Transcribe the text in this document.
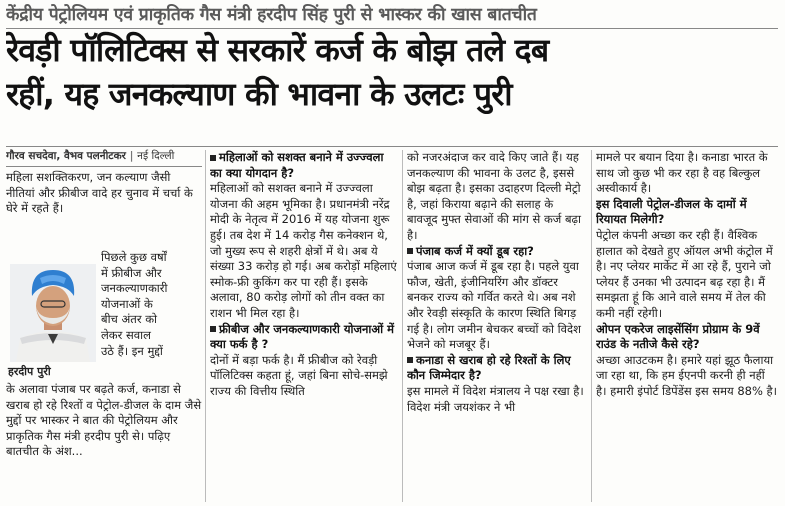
केंद्रीय पेट्रोलियम एवं प्राकृतिक गैस मंत्री हरदीप सिंह पुरी से भास्कर की खास बातचीत
रेवड़ी पॉलिटिक्स से सरकारें कर्ज के बोझ तले दब
रहीं, यह जनकल्याण की भावना के उलटः पुरी
गौरव सचदेवा, वैभव पलनीटकर | नई दिल्ली

महिला सशक्तिकरण, जन कल्याण जैसी नीतियां और फ्रीबीज वादे हर चुनाव में चर्चा के घेरे में रहते हैं।

पिछले कुछ वर्षों

में फ्रीबीज और

जनकल्याणकारी

योजनाओं के

बीच अंतर को

लेकर सवाल

उठे हैं। इन मुद्दों

हरदीप पुरी

के अलावा पंजाब पर बढ़ते कर्ज, कनाडा से खराब हो रहे रिश्तों व पेट्रोल-डीजल के दाम जैसे मुद्दों पर भास्कर ने बात की पेट्रोलियम और प्राकृतिक गैस मंत्री हरदीप पुरी से। पढ़िए बातचीत के अंश...

महिलाओं को सशक्त बनाने में उज्ज्वला का क्या योगदान है?

महिलाओं को सशक्त बनाने में उज्ज्वला योजना की अहम भूमिका है। प्रधानमंत्री नरेंद्र मोदी के नेतृत्व में 2016 में यह योजना शुरू हुई। तब देश में 14 करोड़ गैस कनेक्शन थे, जो मुख्य रूप से शहरी क्षेत्रों में थे। अब ये संख्या 33 करोड़ हो गई। अब करोड़ों महिलाएं स्मोक-फ्री कुकिंग कर पा रही हैं। इसके अलावा, 80 करोड़ लोगों को तीन वक्त का राशन भी मिल रहा है।

फ्रीबीज और जनकल्याणकारी योजनाओं में क्या फर्क है ?

दोनों में बड़ा फर्क है। मैं फ्रीबीज को रेवड़ी पॉलिटिक्स कहता हूं, जहां बिना सोचे-समझे राज्य की वित्तीय स्थिति

को नजरअंदाज कर वादे किए जाते हैं। यह जनकल्याण की भावना के उलट है, इससे बोझ बढ़ता है। इसका उदाहरण दिल्ली मेट्रो है, जहां किराया बढ़ाने की सलाह के बावजूद मुफ्त सेवाओं की मांग से कर्ज बढ़ा है।

पंजाब कर्ज में क्यों डूब रहा?

पंजाब आज कर्ज में डूब रहा है। पहले युवा फौज, खेती, इंजीनियरिंग और डॉक्टर बनकर राज्य को गर्वित करते थे। अब नशे और रेवड़ी संस्कृति के कारण स्थिति बिगड़ गई है। लोग जमीन बेचकर बच्चों को विदेश भेजने को मजबूर हैं।

कनाडा से खराब हो रहे रिश्तों के लिए कौन जिम्मेदार है?

इस मामले में विदेश मंत्रालय ने पक्ष रखा है। विदेश मंत्री जयशंकर ने भी

मामले पर बयान दिया है। कनाडा भारत के साथ जो कुछ भी कर रहा है वह बिल्कुल अस्वीकार्य है।

इस दिवाली पेट्रोल-डीजल के दामों में रियायत मिलेगी?

पेट्रोल कंपनी अच्छा कर रही हैं। वैश्विक हालात को देखते हुए ऑयल अभी कंट्रोल में है। नए प्लेयर मार्केट में आ रहे हैं, पुराने जो प्लेयर हैं उनका भी उत्पादन बढ़ रहा है। मैं समझता हूं कि आने वाले समय में तेल की कमी नहीं रहेगी।

ओपन एकरेज लाइसेंसिंग प्रोग्राम के 9वें राउंड के नतीजे कैसे रहे?

अच्छा आउटकम है। हमारे यहां झूठ फैलाया जा रहा था, कि हम ईएनपी करनी ही नहीं है। हमारी इंपोर्ट डिपेंडेंस इस समय 88% है।
